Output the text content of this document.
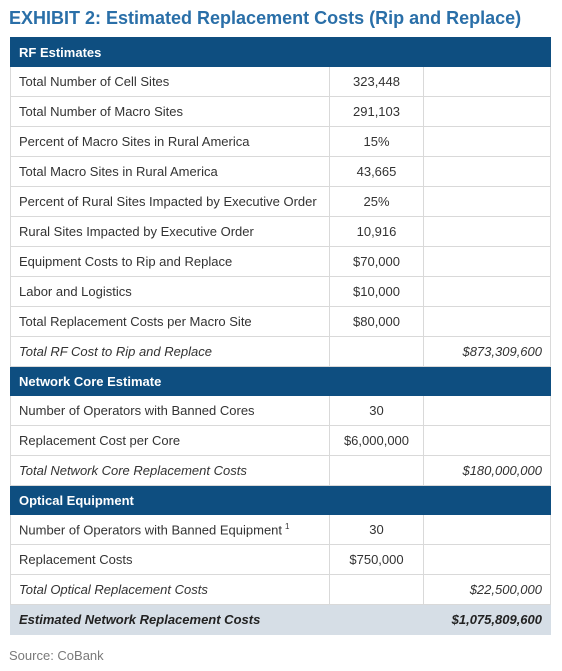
EXHIBIT 2: Estimated Replacement Costs (Rip and Replace)
RF Estimates		
Total Number of Cell Sites	323,448	
Total Number of Macro Sites	291,103	
Percent of Macro Sites in Rural America	15%	
Total Macro Sites in Rural America	43,665	
Percent of Rural Sites Impacted by Executive Order	25%	
Rural Sites Impacted by Executive Order	10,916	
Equipment Costs to Rip and Replace	$70,000	
Labor and Logistics	$10,000	
Total Replacement Costs per Macro Site	$80,000	
Total RF Cost to Rip and Replace		$873,309,600
Network Core Estimate		
Number of Operators with Banned Cores	30	
Replacement Cost per Core	$6,000,000	
Total Network Core Replacement Costs		$180,000,000
Optical Equipment		
Number of Operators with Banned Equipment $^1$	30	
Replacement Costs	$750,000	
Total Optical Replacement Costs		$22,500,000
Estimated Network Replacement Costs		$1,075,809,600
Source: CoBank
